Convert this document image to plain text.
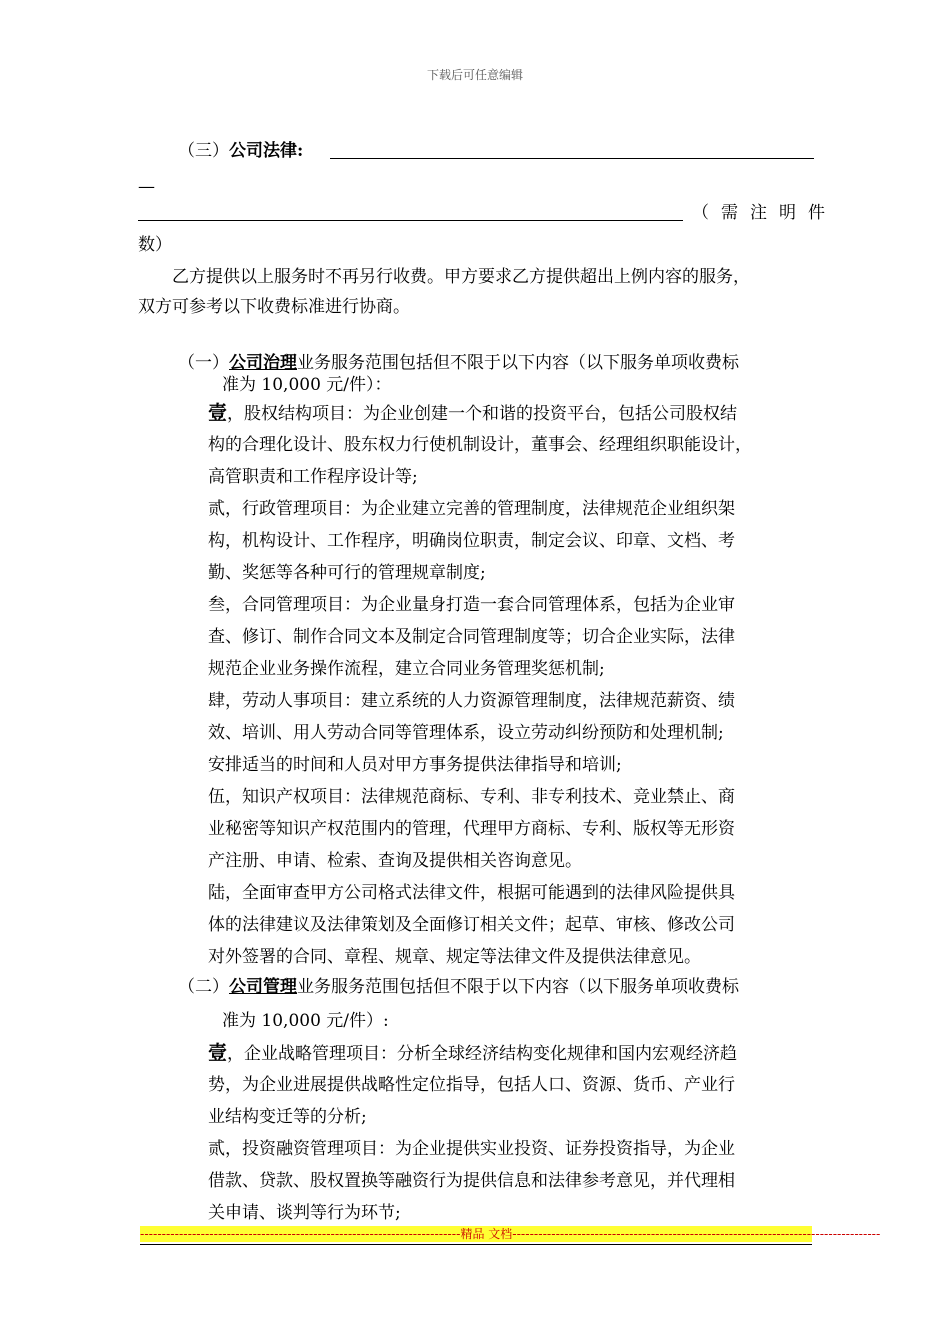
下载后可任意编辑
（三）公司法律:
—
（需注明件
数）
乙方提供以上服务时不再另行收费。甲方要求乙方提供超出上例内容的服务，
双方可参考以下收费标准进行协商。
（一）公司治理业务服务范围包括但不限于以下内容（以下服务单项收费标
准为 10,000 元/件）：
壹，股权结构项目：为企业创建一个和谐的投资平台，包括公司股权结
构的合理化设计、股东权力行使机制设计，董事会、经理组织职能设计，
高管职责和工作程序设计等;
贰，行政管理项目：为企业建立完善的管理制度，法律规范企业组织架
构，机构设计、工作程序，明确岗位职责，制定会议、印章、文档、考
勤、奖惩等各种可行的管理规章制度;
叁，合同管理项目：为企业量身打造一套合同管理体系，包括为企业审
查、修订、制作合同文本及制定合同管理制度等；切合企业实际，法律
规范企业业务操作流程，建立合同业务管理奖惩机制;
肆，劳动人事项目：建立系统的人力资源管理制度，法律规范薪资、绩
效、培训、用人劳动合同等管理体系，设立劳动纠纷预防和处理机制;
安排适当的时间和人员对甲方事务提供法律指导和培训;
伍，知识产权项目：法律规范商标、专利、非专利技术、竞业禁止、商
业秘密等知识产权范围内的管理，代理甲方商标、专利、版权等无形资
产注册、申请、检索、查询及提供相关咨询意见。
陆，全面审查甲方公司格式法律文件，根据可能遇到的法律风险提供具
体的法律建议及法律策划及全面修订相关文件；起草、审核、修改公司
对外签署的合同、章程、规章、规定等法律文件及提供法律意见。
（二）公司管理业务服务范围包括但不限于以下内容（以下服务单项收费标
准为 10,000 元/件）:
壹，企业战略管理项目：分析全球经济结构变化规律和国内宏观经济趋
势，为企业进展提供战略性定位指导，包括人口、资源、货币、产业行
业结构变迁等的分析;
贰，投资融资管理项目：为企业提供实业投资、证券投资指导，为企业
借款、贷款、股权置换等融资行为提供信息和法律参考意见，并代理相
关申请、谈判等行为环节;
--------------------------------------------------------------------------精品 文档-------------------------------------------------------------------------------------
